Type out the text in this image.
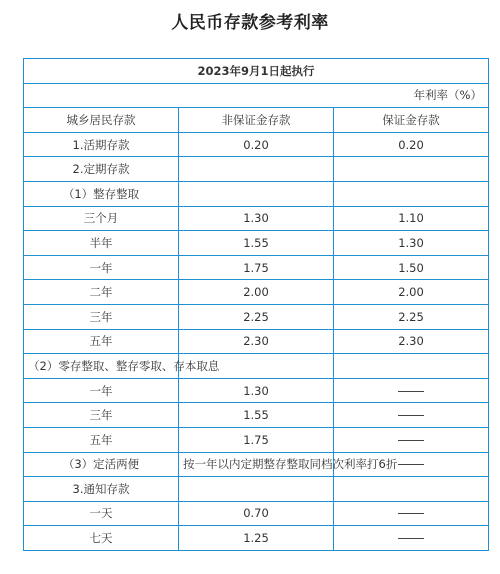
人民币存款参考利率
2023年9月1日起执行		
年利率（%）		
城乡居民存款	非保证金存款	保证金存款
1.活期存款	0.20	0.20
2.定期存款		
（1）整存整取		
三个月	1.30	1.10
半年	1.55	1.30
一年	1.75	1.50
二年	2.00	2.00
三年	2.25	2.25
五年	2.30	2.30
（2）零存整取、整存零取、存本取息		
一年	1.30	
三年	1.55	
五年	1.75	
（3）定活两便	按一年以内定期整存整取同档次利率打6折	
3.通知存款		
一天	0.70	
七天	1.25	
